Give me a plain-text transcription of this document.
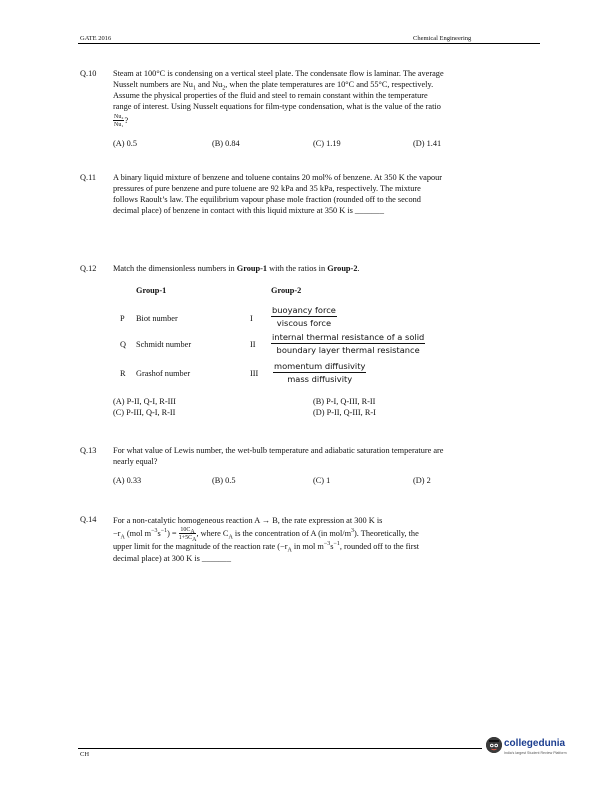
GATE 2016	Chemical Engineering
Q.10 Steam at 100°C is condensing on a vertical steel plate. The condensate flow is laminar. The average
Nusselt numbers are $Nu_1$ and $Nu_2$, when the plate temperatures are 10°C and 55°C, respectively.
Assume the physical properties of the fluid and steel to remain constant within the temperature
range of interest. Using Nusselt equations for film-type condensation, what is the value of the ratio
$\frac{\text{Nu₂}}{\text{Nu₁}}$ ?
(A) 0.5	(B) 0.84	(C) 1.19	(D) 1.41
Q.11 A binary liquid mixture of benzene and toluene contains 20 mol% of benzene. At 350 K the vapour
pressures of pure benzene and pure toluene are 92 kPa and 35 kPa, respectively. The mixture
follows Raoult’s law. The equilibrium vapour phase mole fraction (rounded off to the second
decimal place) of benzene in contact with this liquid mixture at 350 K is _______
Q.12 Match the dimensionless numbers in Group-1 with the ratios in Group-2.
Group-1	Group-2
P Biot number	I
buoyancy force
viscous force
Q Schmidt number	II
internal thermal resistance of a solid
boundary layer thermal resistance
R Grashof number	III
momentum diffusivity
mass diffusivity
(A) P-II, Q-I, R-III	(B) P-I, Q-III, R-II
(C) P-III, Q-I, R-II	(D) P-II, Q-III, R-I
Q.13 For what value of Lewis number, the wet-bulb temperature and adiabatic saturation temperature are
nearly equal?
(A) 0.33	(B) 0.5	(C) 1	(D) 2
Q.14 For a non-catalytic homogeneous reaction A → B, the rate expression at 300 K is
$-r_A$ (mol $m^{-3}s^{-1}) = \frac{10C_A}{1+5C_A}$ , where $C_A$ is the concentration of A (in mol/$m^3$). Theoretically, the
upper limit for the magnitude of the reaction rate ($-r_A$ in mol $m^{-3}s^{-1}$, rounded off to the first
decimal place) at 300 K is _______
CH
collegedunia
India's largest Student Review Platform
